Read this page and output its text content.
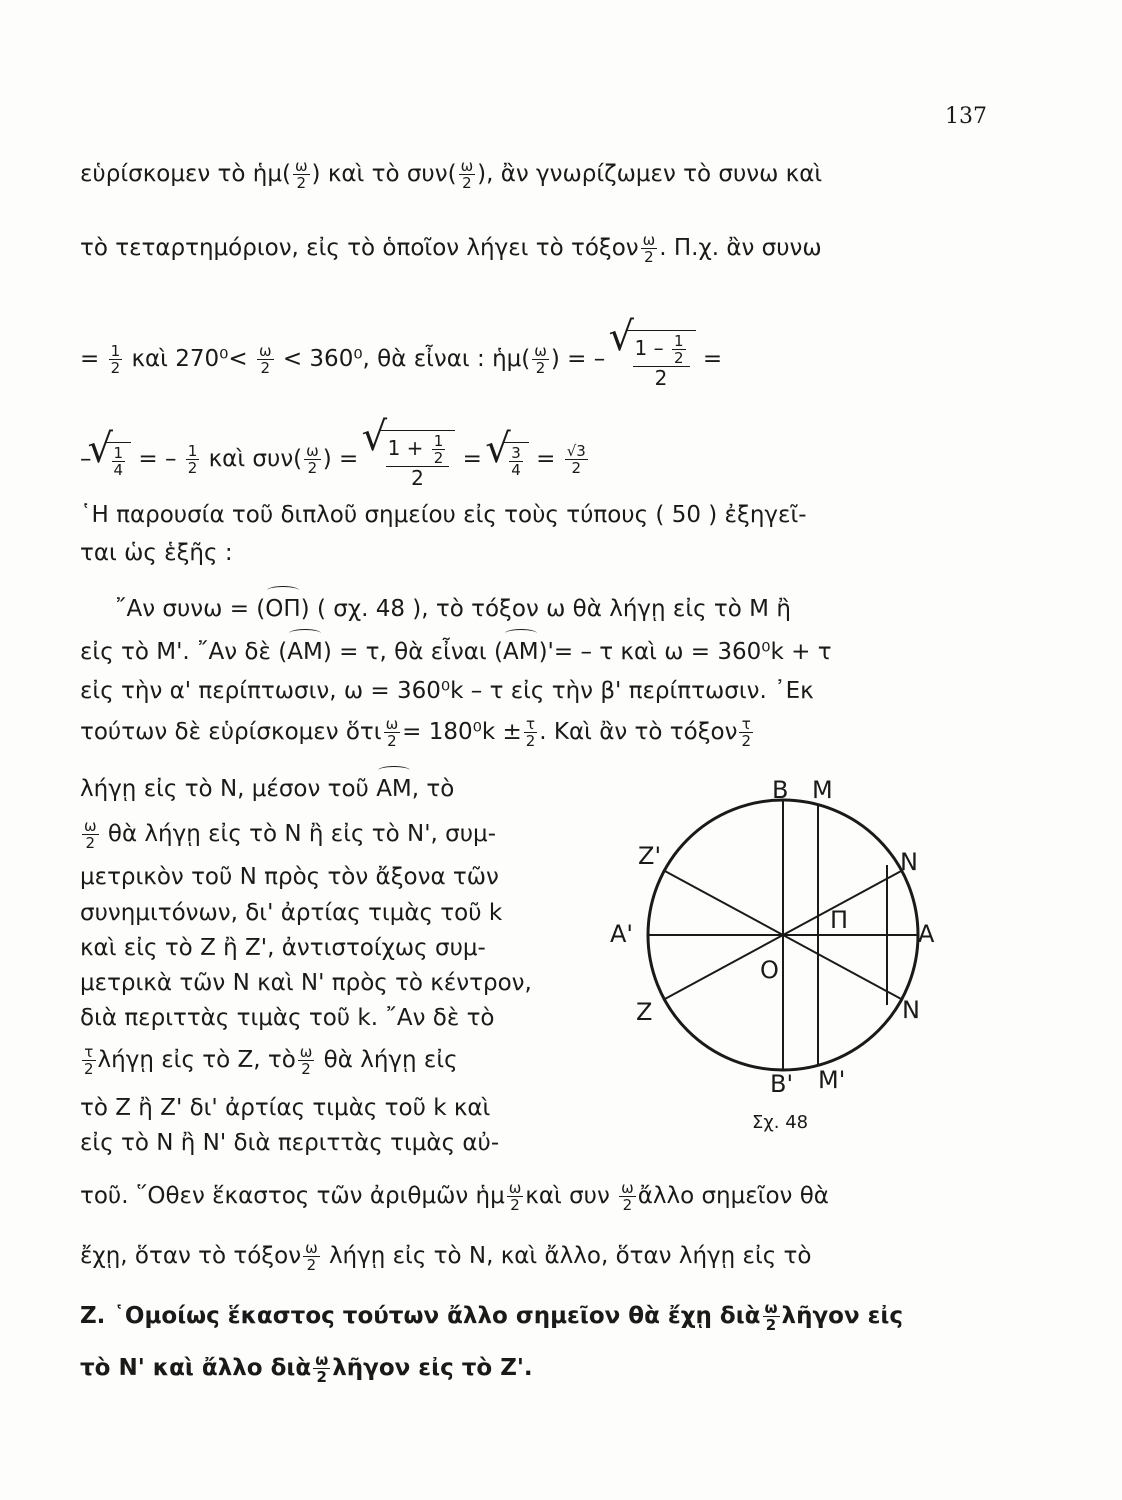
137
εὑρίσκομεν τὸ ἡμ( $\frac{\omega}{2}$ ) καὶ τὸ $\sigma\upsilon\nu( \frac{\omega}{2}$ ), ἂν γνωρίζωμεν τὸ συνω καὶ
τὸ τεταρτημόριον, εἰς τὸ ὁποῖον λήγει τὸ τόξον $\frac{\omega}{2}$ . Π.χ. ἂν συνω
= $\frac{1}{2}$ καὶ $270^0< \frac{\omega}{2} < 360^0$, θὰ εἶναι : ἡμ( $\frac{\omega}{2}$ ) = – √ $\frac{1 - \frac{1}{2}}{2}$ =
– √ $\frac{1}{4}$ = – $\frac{1}{2}$ καὶ $\sigma\upsilon\nu( \frac{\omega}{2}$ ) = √ $\frac{1 + \frac{1}{2}}{2}$ = √ $\frac{3}{4} = \frac{√3}{2}$
῾Η παρουσία τοῦ διπλοῦ σημείου εἰς τοὺς τύπους ( 50 ) ἐξηγεῖ-
ται ὡς ἑξῆς :
῎Αν συνω = (ΟΠ) ( σχ. 48 ), τὸ τόξον ω θὰ λήγῃ εἰς τὸ Μ ἢ
εἰς τὸ Μ'. ῎Αν δὲ (ΑΜ) = τ, θὰ εἶναι (ΑΜ)'= – τ καὶ ω = 360⁰k + τ
εἰς τὴν α' περίπτωσιν, ω = 360⁰k – τ εἰς τὴν β' περίπτωσιν. ᾿Εκ
τούτων δὲ εὑρίσκομεν ὅτι $\frac{\omega}{2} = 180^0k \pm \frac{\tau}{2}$ . Καὶ ἂν τὸ τόξον $\frac{\tau}{2}$
λήγῃ εἰς τὸ Ν, μέσον τοῦ ΑΜ, τὸ
$\frac{\omega}{2}$ θὰ λήγῃ εἰς τὸ Ν ἢ εἰς τὸ Ν', συμ-
μετρικὸν τοῦ Ν πρὸς τὸν ἄξονα τῶν
συνημιτόνων, δι' ἀρτίας τιμὰς τοῦ k
καὶ εἰς τὸ Ζ ἢ Ζ', ἀντιστοίχως συμ-
μετρικὰ τῶν Ν καὶ Ν' πρὸς τὸ κέντρον,
διὰ περιττὰς τιμὰς τοῦ k. ῎Αν δὲ τὸ
$\frac{\tau}{2}$ λήγῃ εἰς τὸ Ζ, τὸ $\frac{\omega}{2}$ θὰ λήγῃ εἰς
τὸ Ζ ἢ Ζ' δι' ἀρτίας τιμὰς τοῦ k καὶ
εἰς τὸ Ν ἢ Ν' διὰ περιττὰς τιμὰς αὐ-
Β Μ
Ζ'	Ν
Π
Α'	Α
Ο
Ζ	Ν
Β' Μ'
Σχ. 48
τοῦ. ῞Οθεν ἕκαστος τῶν ἀριθμῶν ἡμ $\frac{\omega}{2}$ καὶ συν $\frac{\omega}{2}$ ἄλλο σημεῖον θὰ
ἔχῃ, ὅταν τὸ τόξον $\frac{\omega}{2}$ λήγῃ εἰς τὸ Ν, καὶ ἄλλο, ὅταν λήγῃ εἰς τὸ
Ζ. ῾Ομοίως ἕκαστος τούτων ἄλλο σημεῖον θὰ ἔχῃ διὰ $\frac{\omega}{2}$ λῆγον εἰς
τὸ Ν' καὶ ἄλλο διὰ $\frac{\omega}{2}$ λῆγον εἰς τὸ Ζ'.
